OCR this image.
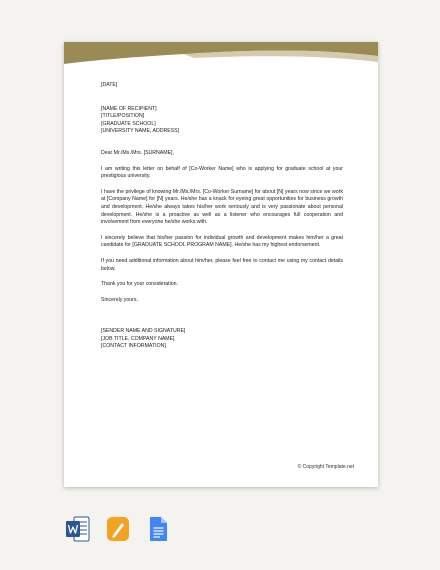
[DATE]

[NAME OF RECIPIENT]
[TITLE/POSITION]
[GRADUATE SCHOOL]
[UNIVERSITY NAME, ADDRESS]

Dear Mr./Ms./Mrs. [SURNAME],

I am writing this letter on behalf of [Co-Worker Name] who is applying for graduate school at your prestigious university.

I have the privilege of knowing Mr./Ms./Mrs. [Co-Worker Surname] for about [N] years now since we work at [Company Name] for [N] years. He/she has a knack for eyeing great opportunities for business growth and development. He/she always takes his/her work seriously and is very passionate about personal development. He/she is a proactive as well as a listener who encourages full cooperation and involvement from everyone he/she works with.

I sincerely believe that his/her passion for individual growth and development makes him/her a great candidate for [GRADUATE SCHOOL PROGRAM NAME]. He/she has my highest endorsement.

If you need additional information about him/her, please feel free to contact me using my contact details below.

Thank you for your consideration.

Sincerely yours,

[SENDER NAME AND SIGNATURE]
[JOB TITLE, COMPANY NAME]
[CONTACT INFORMATION]

© Copyright Template.net
